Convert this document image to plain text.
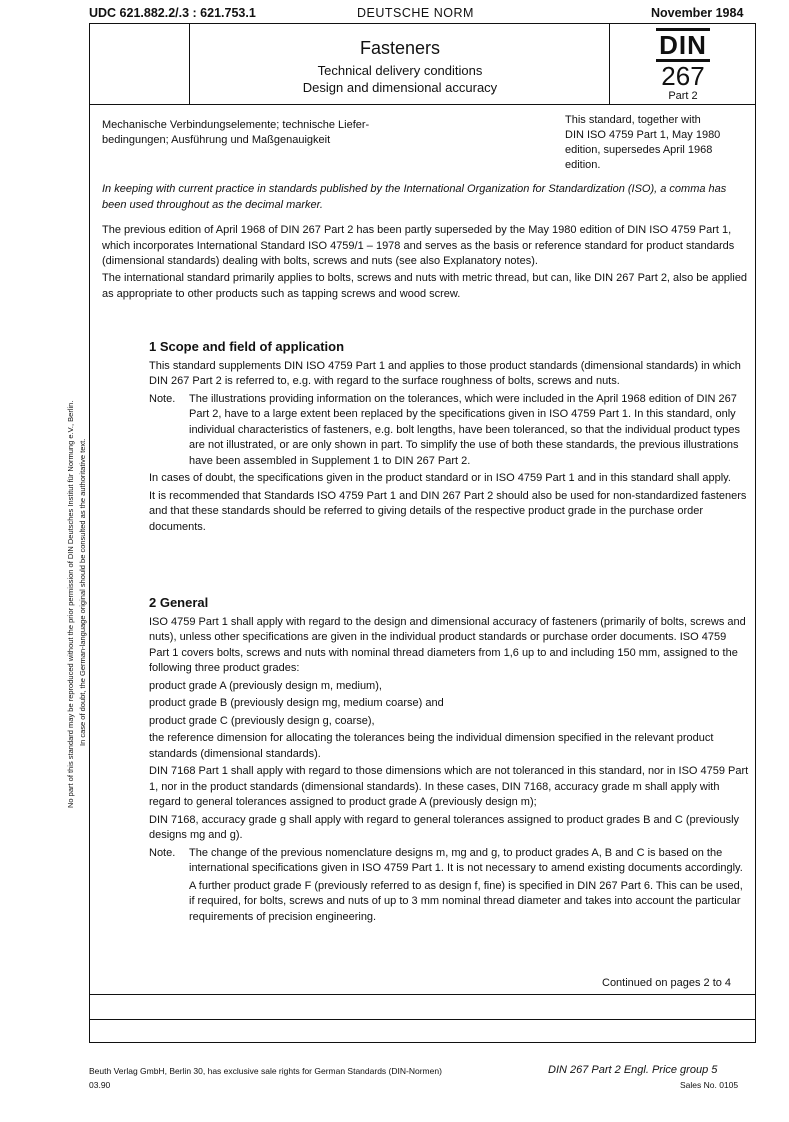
UDC 621.882.2/.3 : 621.753.1	DEUTSCHE NORM	November 1984
Fasteners
Technical delivery conditions
Design and dimensional accuracy
DIN
267
Part 2
Mechanische Verbindungselemente; technische Liefer-
bedingungen; Ausführung und Maßgenauigkeit
This standard, together with
DIN ISO 4759 Part 1, May 1980
edition, supersedes April 1968
edition.
In keeping with current practice in standards published by the International Organization for Standardization (ISO), a comma has been used throughout as the decimal marker.
The previous edition of April 1968 of DIN 267 Part 2 has been partly superseded by the May 1980 edition of DIN ISO 4759 Part 1, which incorporates International Standard ISO 4759/1 – 1978 and serves as the basis or reference standard for product standards (dimensional standards) dealing with bolts, screws and nuts (see also Explanatory notes).
The international standard primarily applies to bolts, screws and nuts with metric thread, but can, like DIN 267 Part 2, also be applied as appropriate to other products such as tapping screws and wood screw.
1 Scope and field of application

This standard supplements DIN ISO 4759 Part 1 and applies to those product standards (dimensional standards) in which DIN 267 Part 2 is referred to, e.g. with regard to the surface roughness of bolts, screws and nuts.

Note. The illustrations providing information on the tolerances, which were included in the April 1968 edition of DIN 267 Part 2, have to a large extent been replaced by the specifications given in ISO 4759 Part 1. In this standard, only individual characteristics of fasteners, e.g. bolt lengths, have been toleranced, so that the individual product types are not illustrated, or are only shown in part. To simplify the use of both these standards, the previous illustrations have been assembled in Supplement 1 to DIN 267 Part 2.

In cases of doubt, the specifications given in the product standard or in ISO 4759 Part 1 and in this standard shall apply.

It is recommended that Standards ISO 4759 Part 1 and DIN 267 Part 2 should also be used for non-standardized fasteners and that these standards should be referred to giving details of the respective product grade in the purchase order documents.

2 General

ISO 4759 Part 1 shall apply with regard to the design and dimensional accuracy of fasteners (primarily of bolts, screws and nuts), unless other specifications are given in the individual product standards or purchase order documents. ISO 4759 Part 1 covers bolts, screws and nuts with nominal thread diameters from 1,6 up to and including 150 mm, assigned to the following three product grades:

product grade A (previously design m, medium),

product grade B (previously design mg, medium coarse) and

product grade C (previously design g, coarse),

the reference dimension for allocating the tolerances being the individual dimension specified in the relevant product standards (dimensional standards).

DIN 7168 Part 1 shall apply with regard to those dimensions which are not toleranced in this standard, nor in ISO 4759 Part 1, nor in the product standards (dimensional standards). In these cases, DIN 7168, accuracy grade m shall apply with regard to general tolerances assigned to product grade A (previously design m);

DIN 7168, accuracy grade g shall apply with regard to general tolerances assigned to product grades B and C (previously designs mg and g).

Note. The change of the previous nomenclature designs m, mg and g, to product grades A, B and C is based on the international specifications given in ISO 4759 Part 1. It is not necessary to amend existing documents accordingly.
A further product grade F (previously referred to as design f, fine) is specified in DIN 267 Part 6. This can be used, if required, for bolts, screws and nuts of up to 3 mm nominal thread diameter and takes into account the particular requirements of precision engineering.
Continued on pages 2 to 4
No part of this standard may be reproduced without the prior permission of DIN Deutsches Institut für Normung e.V., Berlin. In case of doubt, the German-language original should be consulted as the authoritative text.
Beuth Verlag GmbH, Berlin 30, has exclusive sale rights for German Standards (DIN-Normen)
03.90
DIN 267 Part 2 Engl. Price group 5
Sales No. 0105
